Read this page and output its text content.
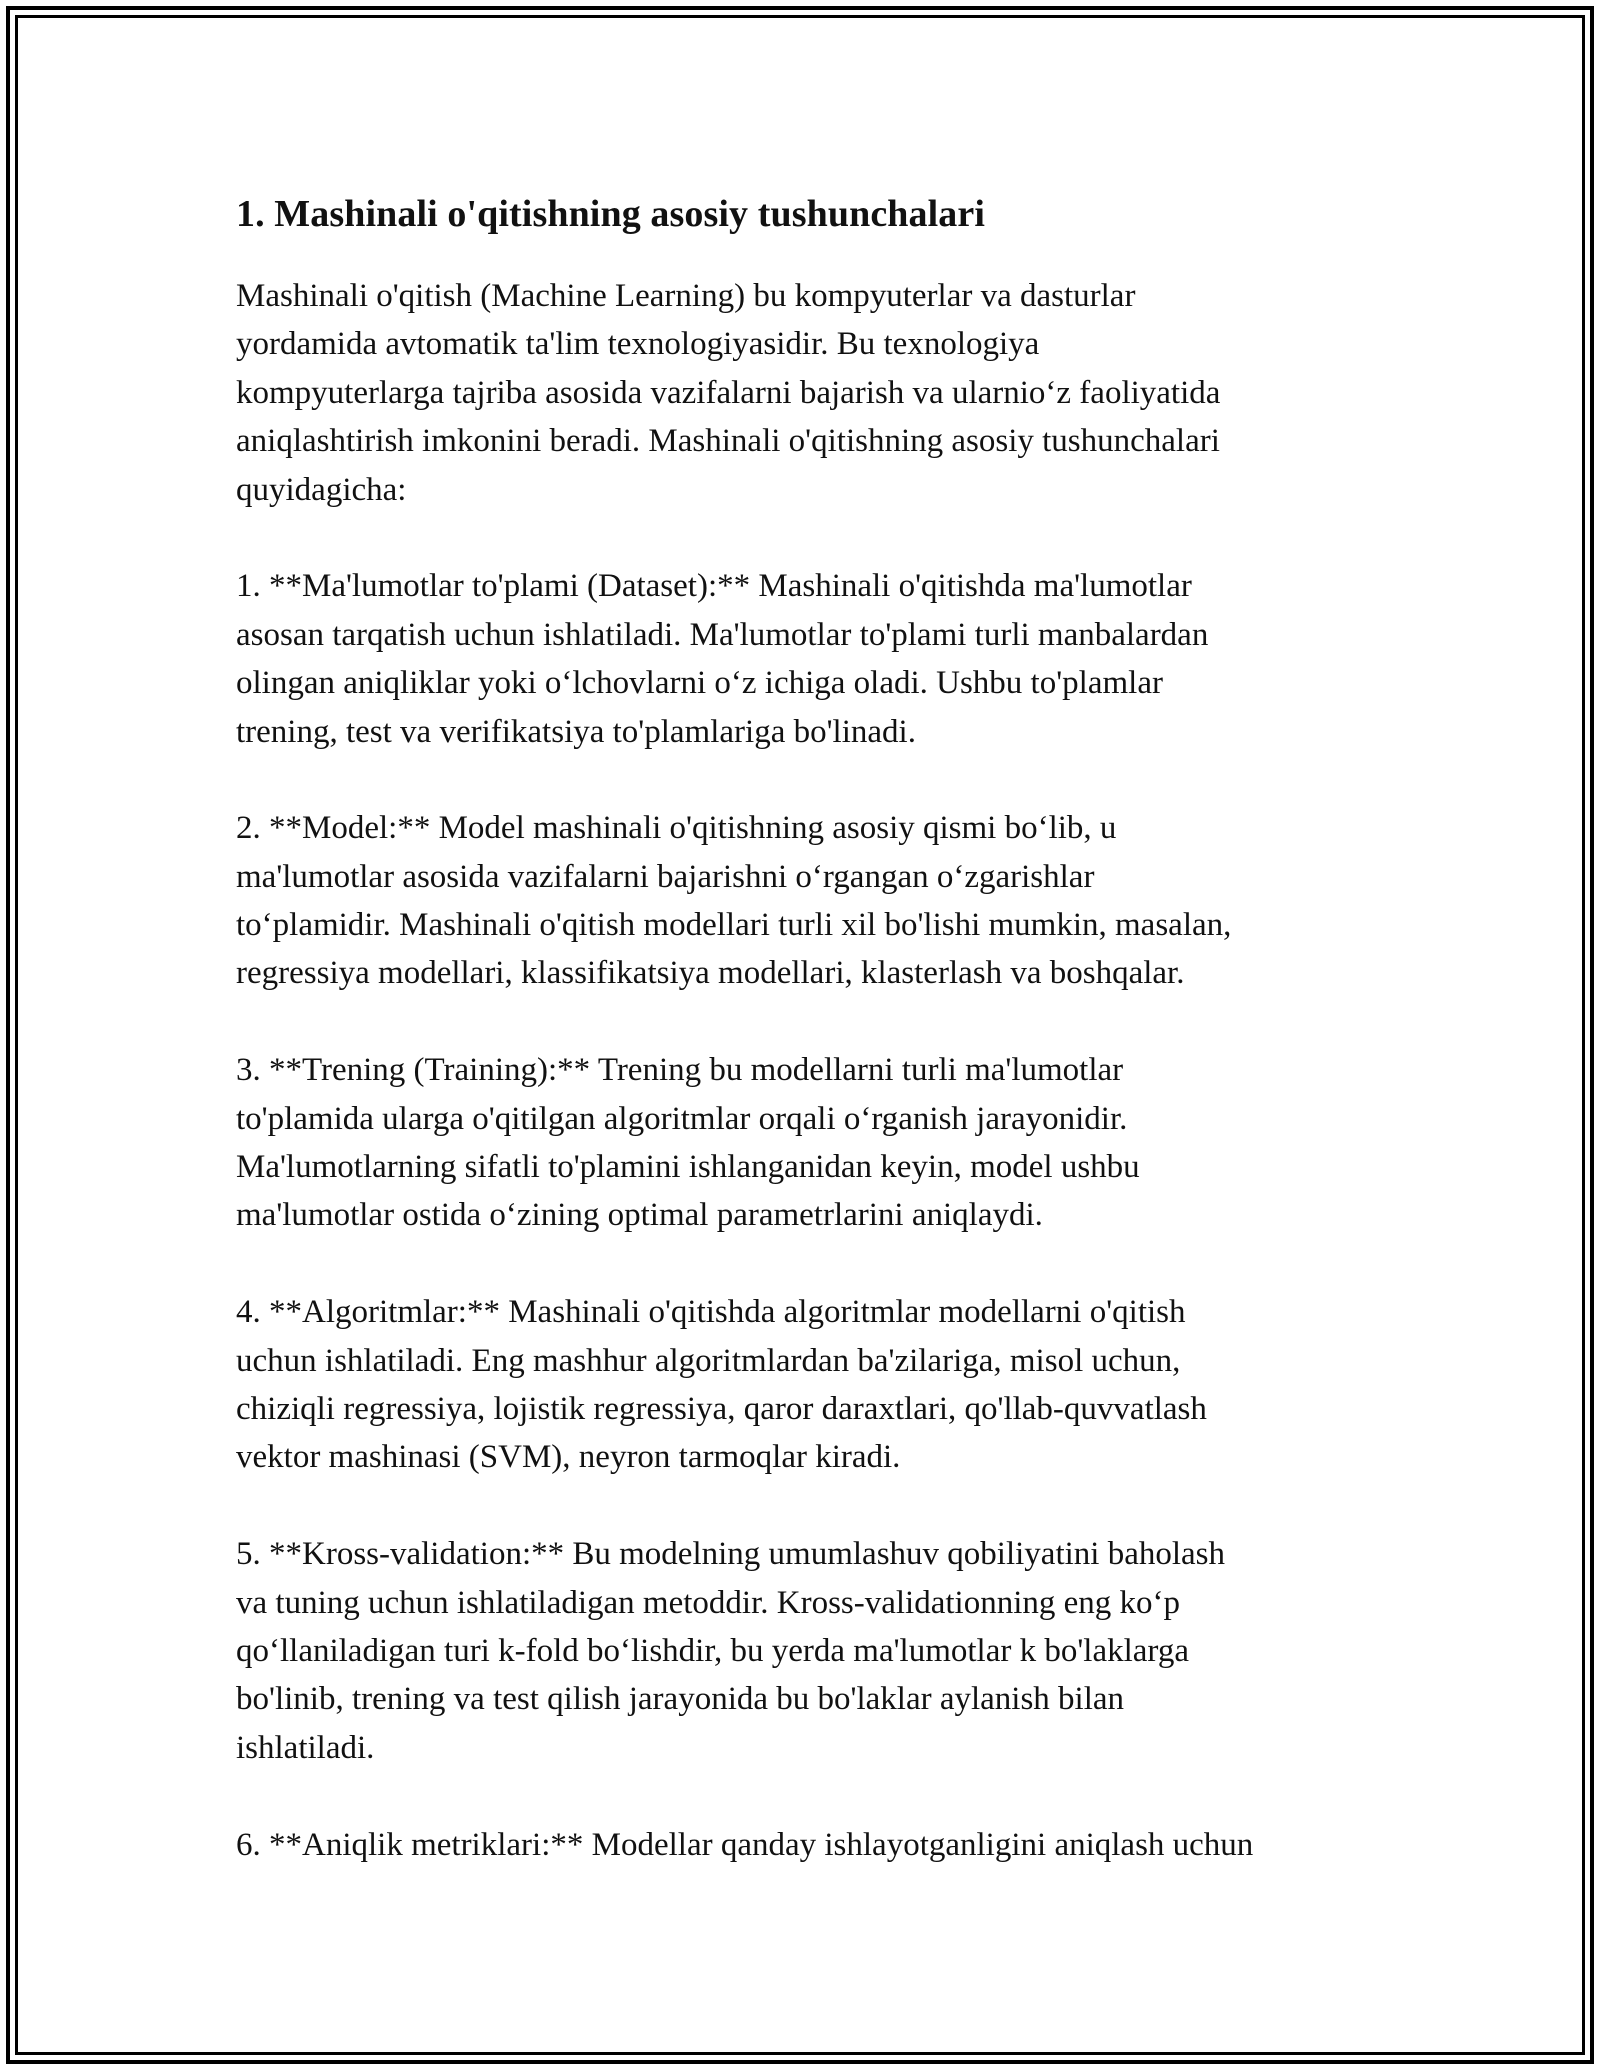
1. Mashinali o'qitishning asosiy tushunchalari

Mashinali o'qitish (Machine Learning) bu kompyuterlar va dasturlar
yordamida avtomatik ta'lim texnologiyasidir. Bu texnologiya
kompyuterlarga tajriba asosida vazifalarni bajarish va ularnio‘z faoliyatida
aniqlashtirish imkonini beradi. Mashinali o'qitishning asosiy tushunchalari
quyidagicha:

1. **Ma'lumotlar to'plami (Dataset):** Mashinali o'qitishda ma'lumotlar
asosan tarqatish uchun ishlatiladi. Ma'lumotlar to'plami turli manbalardan
olingan aniqliklar yoki o‘lchovlarni o‘z ichiga oladi. Ushbu to'plamlar
trening, test va verifikatsiya to'plamlariga bo'linadi.

2. **Model:** Model mashinali o'qitishning asosiy qismi bo‘lib, u
ma'lumotlar asosida vazifalarni bajarishni o‘rgangan o‘zgarishlar
to‘plamidir. Mashinali o'qitish modellari turli xil bo'lishi mumkin, masalan,
regressiya modellari, klassifikatsiya modellari, klasterlash va boshqalar.

3. **Trening (Training):** Trening bu modellarni turli ma'lumotlar
to'plamida ularga o'qitilgan algoritmlar orqali o‘rganish jarayonidir.
Ma'lumotlarning sifatli to'plamini ishlanganidan keyin, model ushbu
ma'lumotlar ostida o‘zining optimal parametrlarini aniqlaydi.

4. **Algoritmlar:** Mashinali o'qitishda algoritmlar modellarni o'qitish
uchun ishlatiladi. Eng mashhur algoritmlardan ba'zilariga, misol uchun,
chiziqli regressiya, lojistik regressiya, qaror daraxtlari, qo'llab-quvvatlash
vektor mashinasi (SVM), neyron tarmoqlar kiradi.

5. **Kross-validation:** Bu modelning umumlashuv qobiliyatini baholash
va tuning uchun ishlatiladigan metoddir. Kross-validationning eng ko‘p
qo‘llaniladigan turi k-fold bo‘lishdir, bu yerda ma'lumotlar k bo'laklarga
bo'linib, trening va test qilish jarayonida bu bo'laklar aylanish bilan
ishlatiladi.

6. **Aniqlik metriklari:** Modellar qanday ishlayotganligini aniqlash uchun
